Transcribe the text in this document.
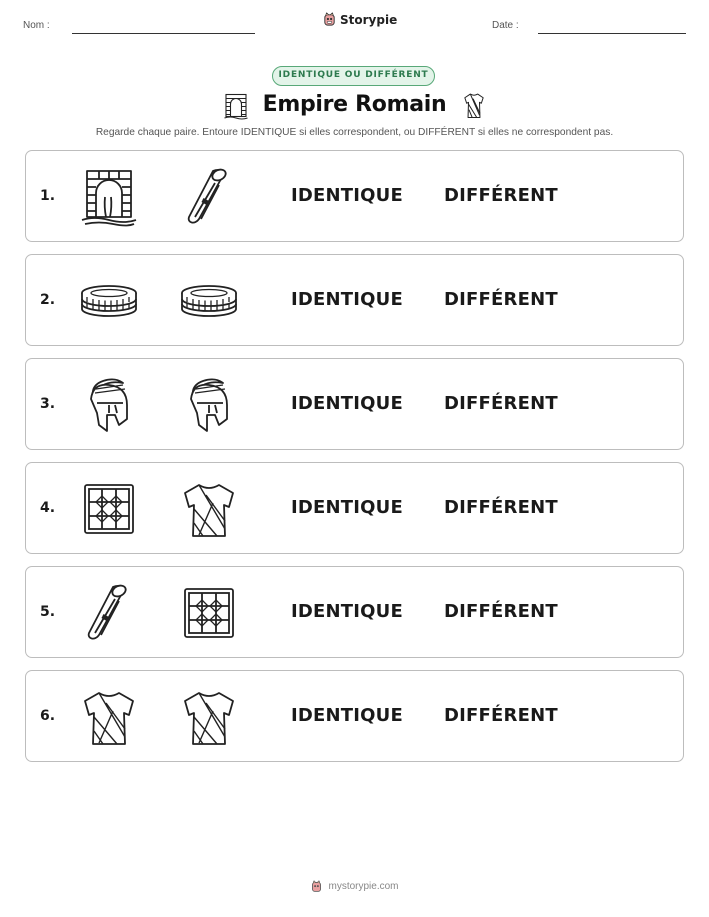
Nom :	Storypie	Date :
IDENTIQUE OU DIFFÉRENT
Empire Romain
Regarde chaque paire. Entoure IDENTIQUE si elles correspondent, ou DIFFÉRENT si elles ne correspondent pas.
1.	IDENTIQUE DIFFÉRENT
2.	IDENTIQUE DIFFÉRENT
3.	IDENTIQUE DIFFÉRENT
4.	IDENTIQUE DIFFÉRENT
5.	IDENTIQUE DIFFÉRENT
6.	IDENTIQUE DIFFÉRENT
mystorypie.com
